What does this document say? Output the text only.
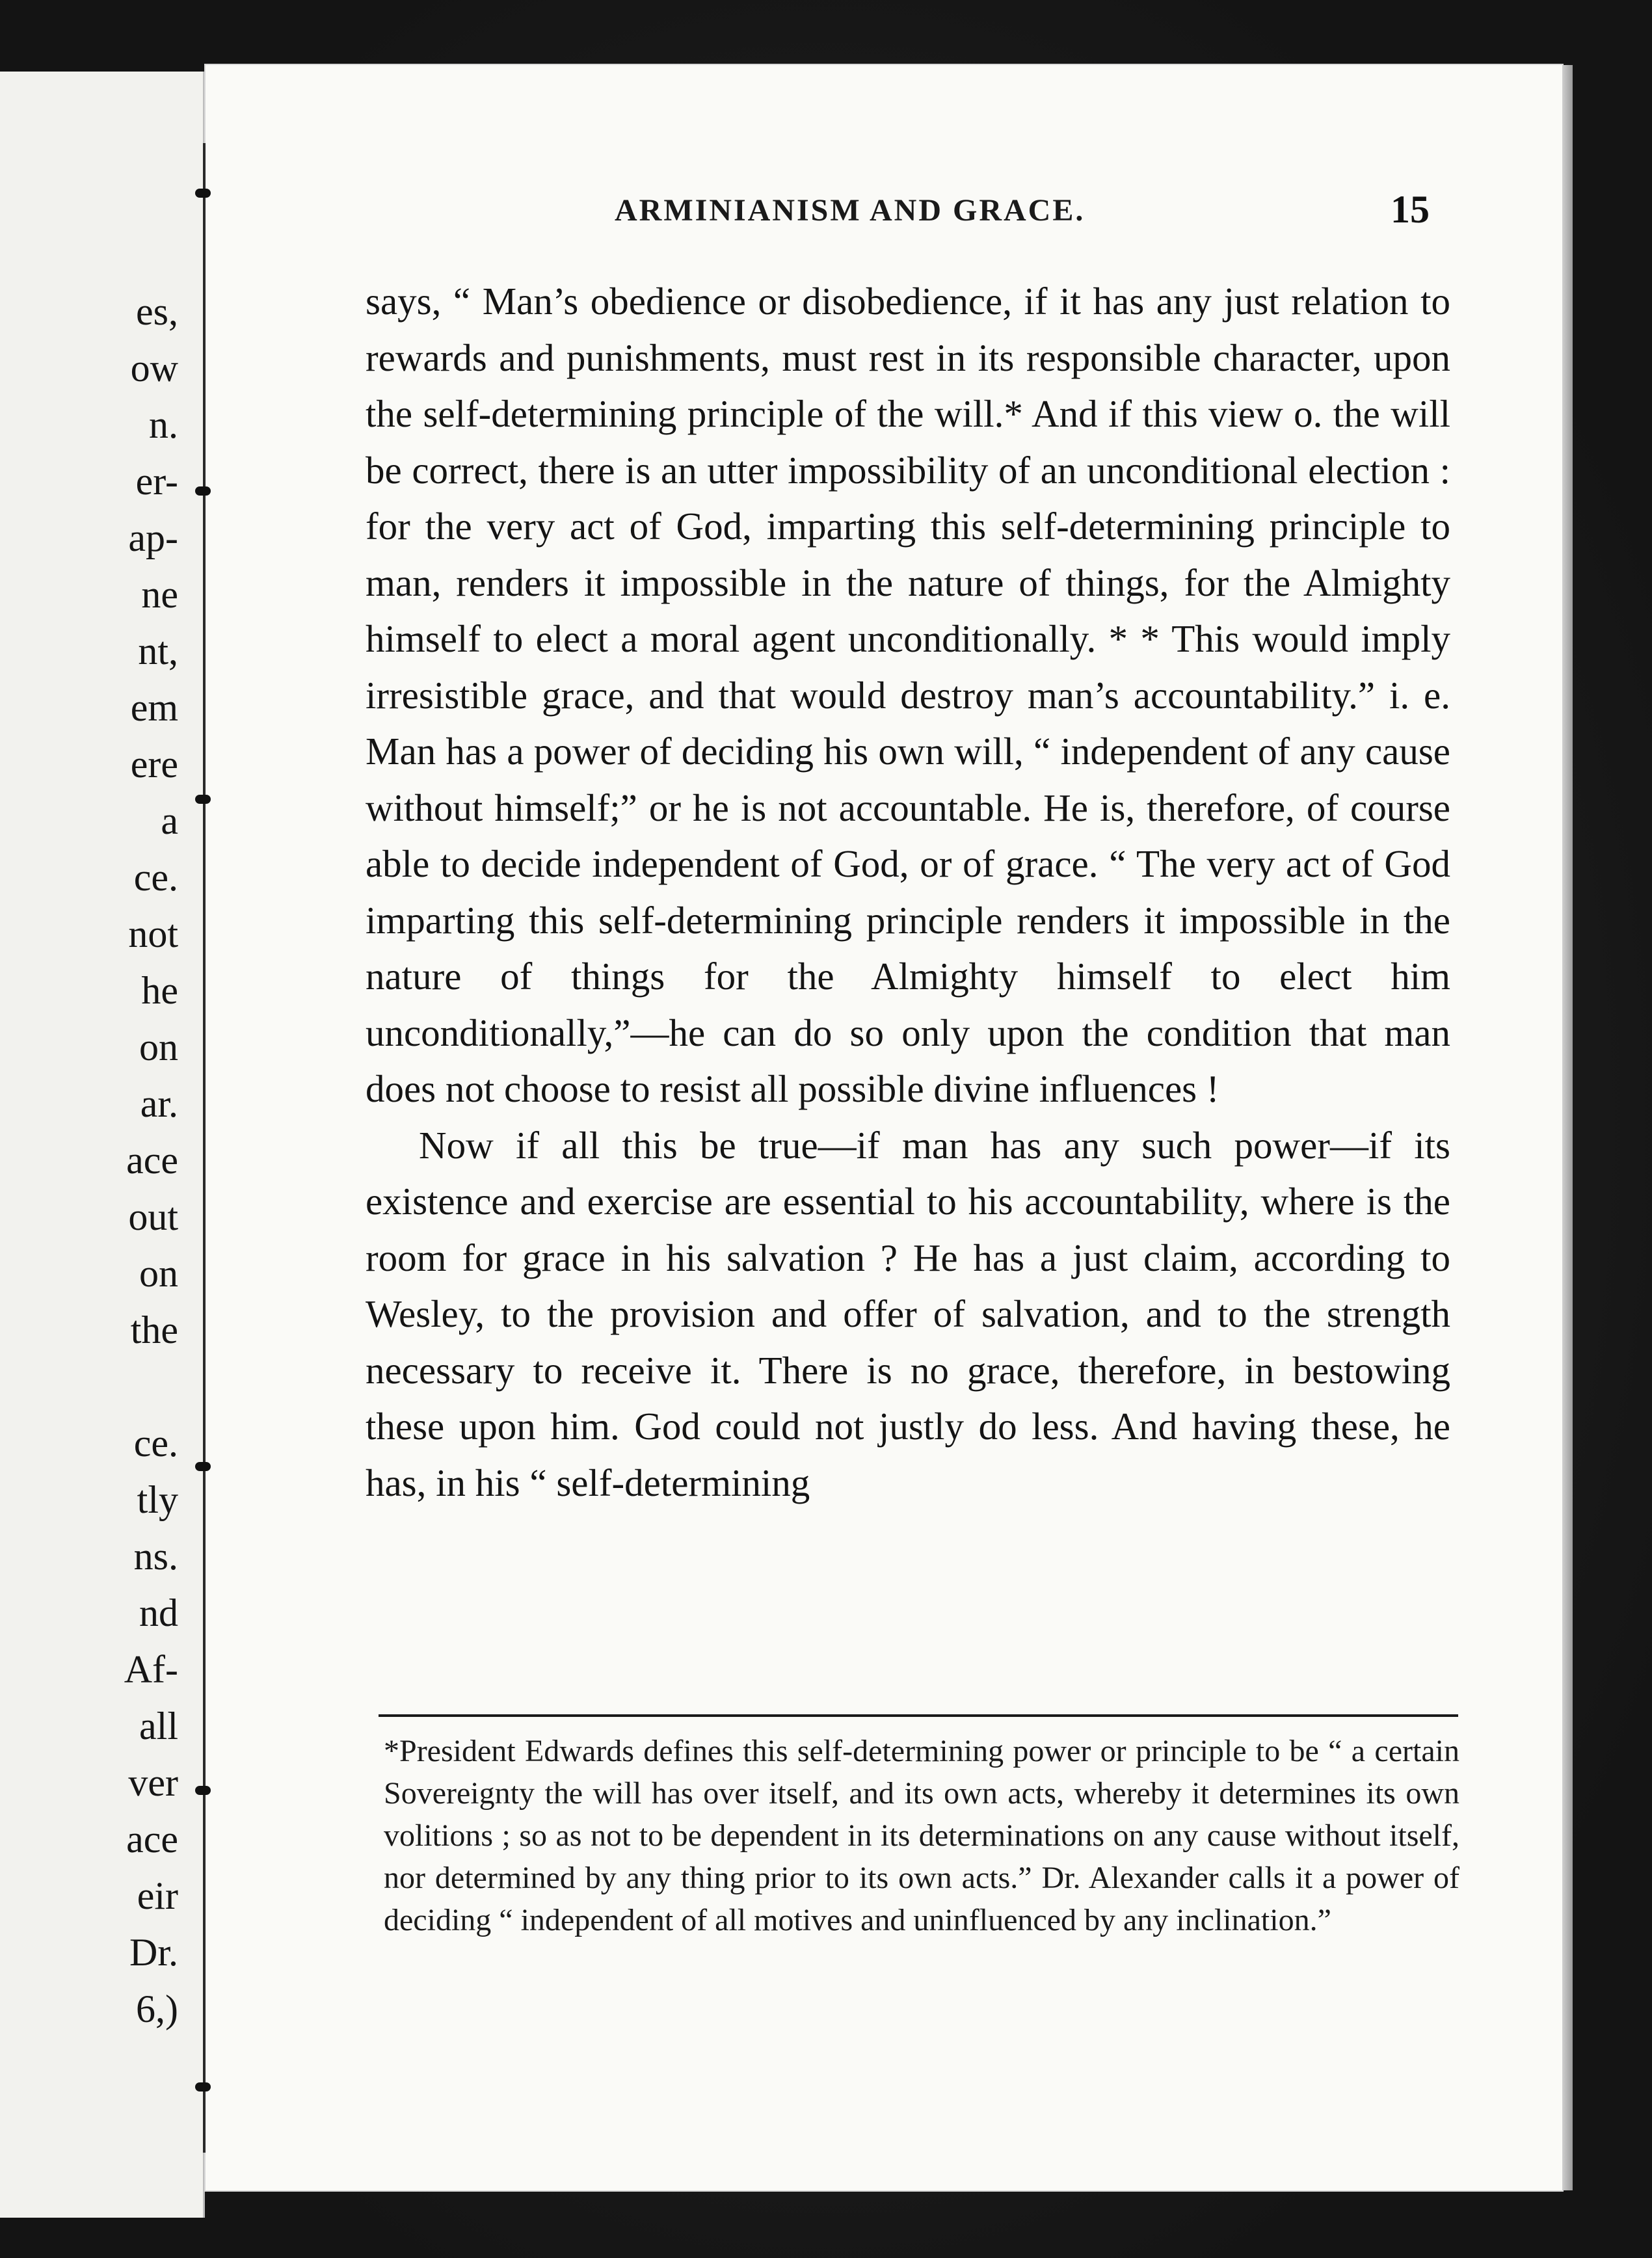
es,
ow
n.
er-
ap-
ne
nt,
em
ere
a
ce.
not
he
on
ar.
ace
out
on
the
ce.
tly
ns.
nd
Af-
all
ver
ace
eir
Dr.
6,)
ARMINIANISM AND GRACE.	15

says, “ Man’s obedience or disobedience, if it has any just relation to rewards and punishments, must rest in its responsible character, upon the self-determining principle of the will.* And if this view o. the will be correct, there is an utter impossibility of an unconditional election : for the very act of God, imparting this self-determining principle to man, renders it impossible in the nature of things, for the Almighty himself to elect a moral agent unconditionally. * * This would imply irresistible grace, and that would destroy man’s accountability.” i. e. Man has a power of deciding his own will, “ independent of any cause without himself;” or he is not accountable. He is, therefore, of course able to decide independent of God, or of grace. “ The very act of God imparting this self-determining principle renders it impossible in the nature of things for the Almighty himself to elect him unconditionally,”—he can do so only upon the condition that man does not choose to resist all possible divine influences !

Now if all this be true—if man has any such power—if its existence and exercise are essential to his accountability, where is the room for grace in his salvation ? He has a just claim, according to Wesley, to the provision and offer of salvation, and to the strength necessary to receive it. There is no grace, therefore, in bestowing these upon him. God could not justly do less. And having these, he has, in his “ self-determining

*President Edwards defines this self-determining power or principle to be “ a certain Sovereignty the will has over itself, and its own acts, whereby it determines its own volitions ; so as not to be dependent in its determinations on any cause without itself, nor determined by any thing prior to its own acts.” Dr. Alexander calls it a power of deciding “ independent of all motives and uninfluenced by any inclination.”
